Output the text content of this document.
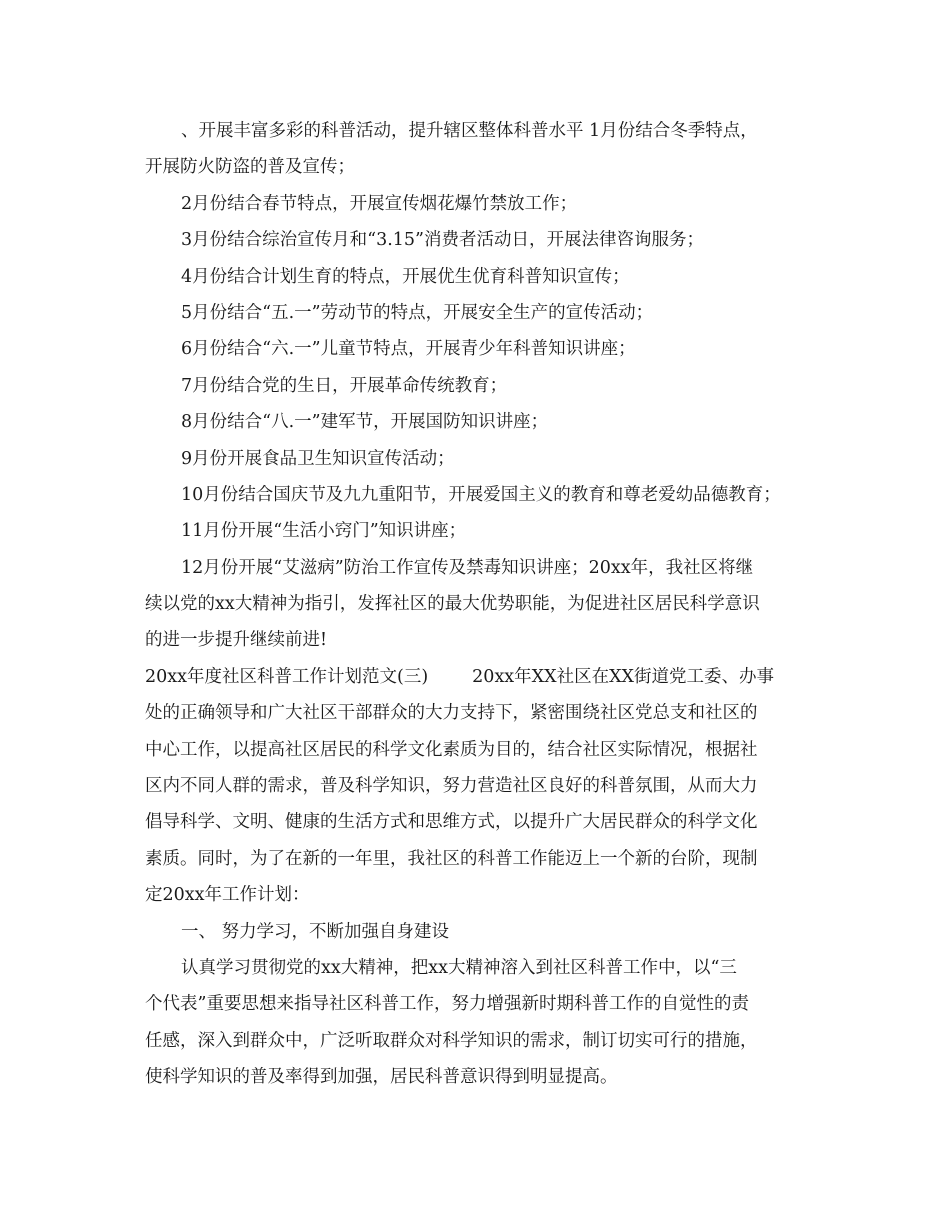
、开展丰富多彩的科普活动，提升辖区整体科普水平 1月份结合冬季特点，
开展防火防盗的普及宣传；
2月份结合春节特点，开展宣传烟花爆竹禁放工作；
3月份结合综治宣传月和“3.15”消费者活动日，开展法律咨询服务；
4月份结合计划生育的特点，开展优生优育科普知识宣传；
5月份结合“五.一”劳动节的特点，开展安全生产的宣传活动；
6月份结合“六.一”儿童节特点，开展青少年科普知识讲座；
7月份结合党的生日，开展革命传统教育；
8月份结合“八.一”建军节，开展国防知识讲座；
9月份开展食品卫生知识宣传活动；
10月份结合国庆节及九九重阳节，开展爱国主义的教育和尊老爱幼品德教育；
11月份开展“生活小窍门”知识讲座；
12月份开展“艾滋病”防治工作宣传及禁毒知识讲座；20xx年，我社区将继
续以党的xx大精神为指引，发挥社区的最大优势职能，为促进社区居民科学意识
的进一步提升继续前进!
20xx年度社区科普工作计划范文(三)	20xx年XX社区在XX街道党工委、办事
处的正确领导和广大社区干部群众的大力支持下，紧密围绕社区党总支和社区的
中心工作，以提高社区居民的科学文化素质为目的，结合社区实际情况，根据社
区内不同人群的需求，普及科学知识，努力营造社区良好的科普氛围，从而大力
倡导科学、文明、健康的生活方式和思维方式，以提升广大居民群众的科学文化
素质。同时，为了在新的一年里，我社区的科普工作能迈上一个新的台阶，现制
定20xx年工作计划：
一、 努力学习，不断加强自身建设
认真学习贯彻党的xx大精神，把xx大精神溶入到社区科普工作中，以“三
个代表”重要思想来指导社区科普工作，努力增强新时期科普工作的自觉性的责
任感，深入到群众中，广泛听取群众对科学知识的需求，制订切实可行的措施，
使科学知识的普及率得到加强，居民科普意识得到明显提高。
